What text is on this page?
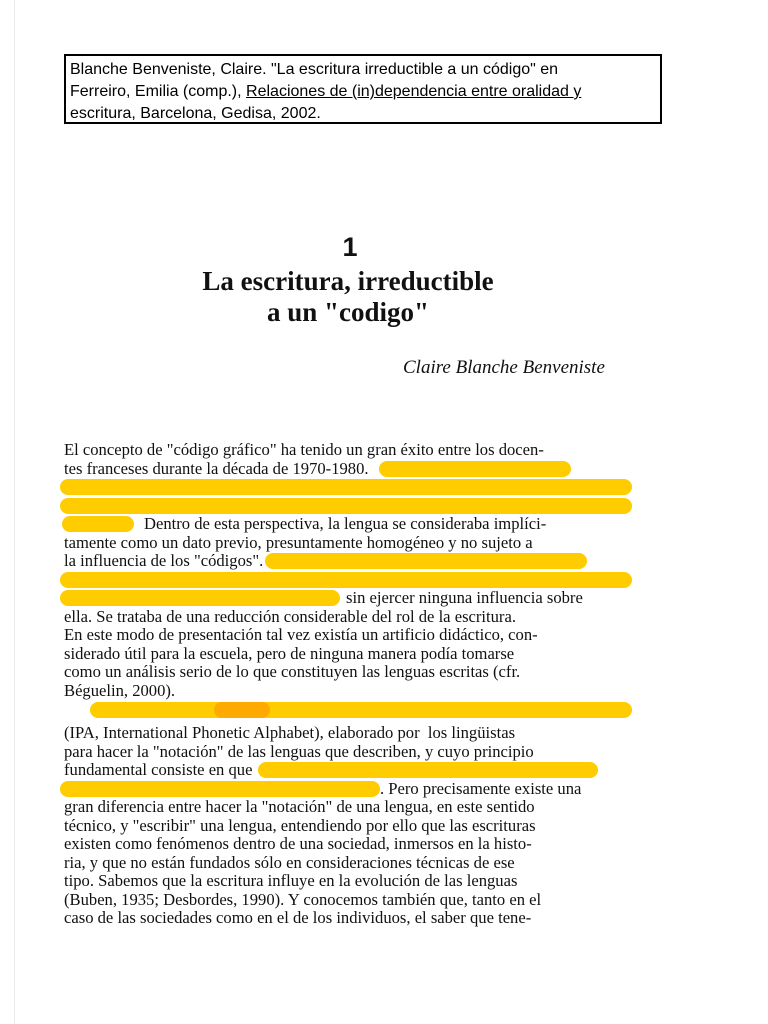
Blanche Benveniste, Claire. "La escritura irreductible a un código" en
Ferreiro, Emilia (comp.), Relaciones de (in)dependencia entre oralidad y
escritura, Barcelona, Gedisa, 2002.
1
La escritura, irreductible
a un "codigo"
Claire Blanche Benveniste
El concepto de "código gráfico" ha tenido un gran éxito entre los docen-
tes franceses durante la década de 1970-1980.
Dentro de esta perspectiva, la lengua se consideraba implíci-
tamente como un dato previo, presuntamente homogéneo y no sujeto a
la influencia de los "códigos".
sin ejercer ninguna influencia sobre
ella. Se trataba de una reducción considerable del rol de la escritura.
En este modo de presentación tal vez existía un artificio didáctico, con-
siderado útil para la escuela, pero de ninguna manera podía tomarse
como un análisis serio de lo que constituyen las lenguas escritas (cfr.
Béguelin, 2000).
(IPA, International Phonetic Alphabet), elaborado por  los lingüistas
para hacer la "notación" de las lenguas que describen, y cuyo principio
fundamental consiste en que
. Pero precisamente existe una
gran diferencia entre hacer la "notación" de una lengua, en este sentido
técnico, y "escribir" una lengua, entendiendo por ello que las escrituras
existen como fenómenos dentro de una sociedad, inmersos en la histo-
ria, y que no están fundados sólo en consideraciones técnicas de ese
tipo. Sabemos que la escritura influye en la evolución de las lenguas
(Buben, 1935; Desbordes, 1990). Y conocemos también que, tanto en el
caso de las sociedades como en el de los individuos, el saber que tene-
